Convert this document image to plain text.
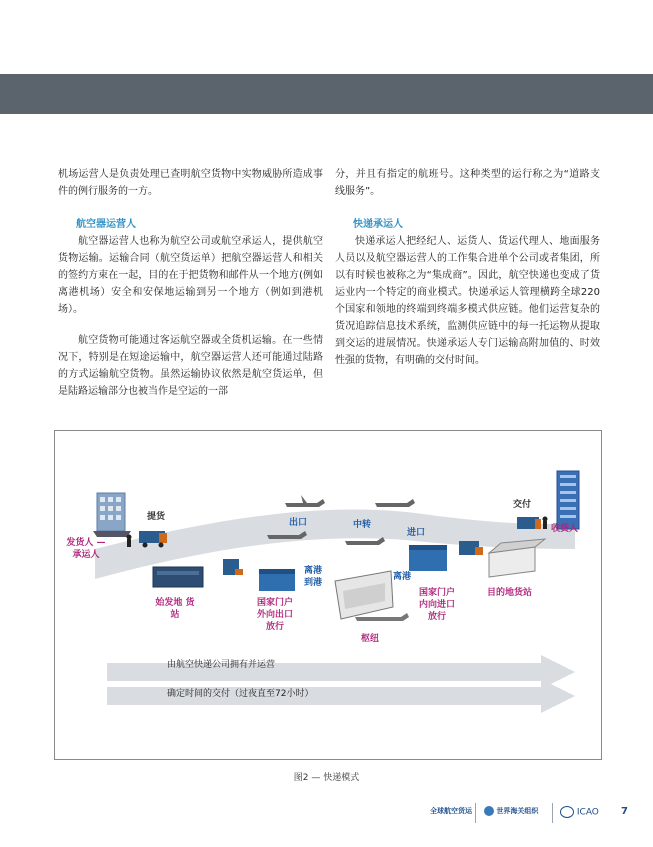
机场运营人是负责处理已查明航空货物中实物威胁所造成事件的例行服务的一方。

航空器运营人

航空器运营人也称为航空公司或航空承运人，提供航空货物运输。运输合同（航空货运单）把航空器运营人和相关的签约方束在一起，目的在于把货物和邮件从一个地方(例如离港机场）安全和安保地运输到另一个地方（例如到港机场）。

航空货物可能通过客运航空器或全货机运输。在一些情况下，特别是在短途运输中，航空器运营人还可能通过陆路的方式运输航空货物。虽然运输协议依然是航空货运单，但是陆路运输部分也被当作是空运的一部

分，并且有指定的航班号。这种类型的运行称之为“道路支线服务”。

快递承运人

快递承运人把经纪人、运货人、货运代理人、地面服务人员以及航空器运营人的工作集合进单个公司或者集团，所以有时候也被称之为“集成商”。因此，航空快递也变成了货运业内一个特定的商业模式。快递承运人管理横跨全球220个国家和领地的终端到终端多模式供应链。他们运营复杂的货况追踪信息技术系统，监测供应链中的每一托运物从提取到交运的进展情况。快递承运人专门运输高附加值的、时效性强的货物，有明确的交付时间。

发货人 — 承运人
提货
始发地 货站
国家门户 外向出口 放行
离港 到港
出口	中转
枢纽
进口
离港
国家门户 内向进口 放行
目的地货站
交付
收货人
由航空快递公司拥有并运营
确定时间的交付（过夜直至72小时）
图2 — 快递模式
全球航空货运	世界海关组织	ICAO 7
